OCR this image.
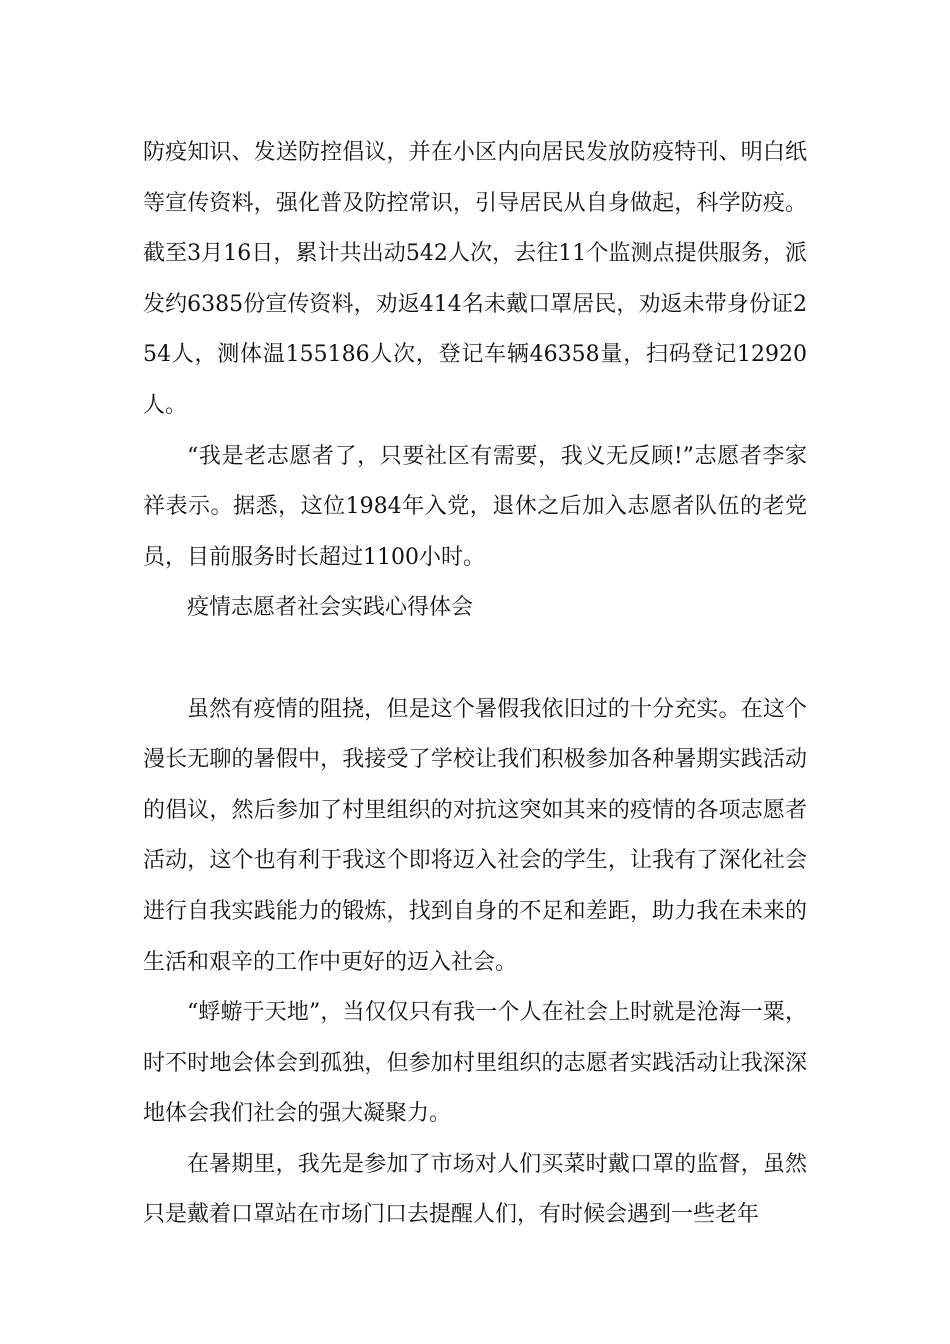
防疫知识、发送防控倡议，并在小区内向居民发放防疫特刊、明白纸等宣传资料，强化普及防控常识，引导居民从自身做起，科学防疫。截至3月16日，累计共出动542人次，去往11个监测点提供服务，派发约6385份宣传资料，劝返414名未戴口罩居民，劝返未带身份证254人，测体温155186人次，登记车辆46358量，扫码登记12920人。

“我是老志愿者了，只要社区有需要，我义无反顾!”志愿者李家祥表示。据悉，这位1984年入党，退休之后加入志愿者队伍的老党员，目前服务时长超过1100小时。

疫情志愿者社会实践心得体会

虽然有疫情的阻挠，但是这个暑假我依旧过的十分充实。在这个漫长无聊的暑假中，我接受了学校让我们积极参加各种暑期实践活动的倡议，然后参加了村里组织的对抗这突如其来的疫情的各项志愿者活动，这个也有利于我这个即将迈入社会的学生，让我有了深化社会进行自我实践能力的锻炼，找到自身的不足和差距，助力我在未来的生活和艰辛的工作中更好的迈入社会。

“蜉蝣于天地”，当仅仅只有我一个人在社会上时就是沧海一粟，时不时地会体会到孤独，但参加村里组织的志愿者实践活动让我深深地体会我们社会的强大凝聚力。

在暑期里，我先是参加了市场对人们买菜时戴口罩的监督，虽然只是戴着口罩站在市场门口去提醒人们，有时候会遇到一些老年
